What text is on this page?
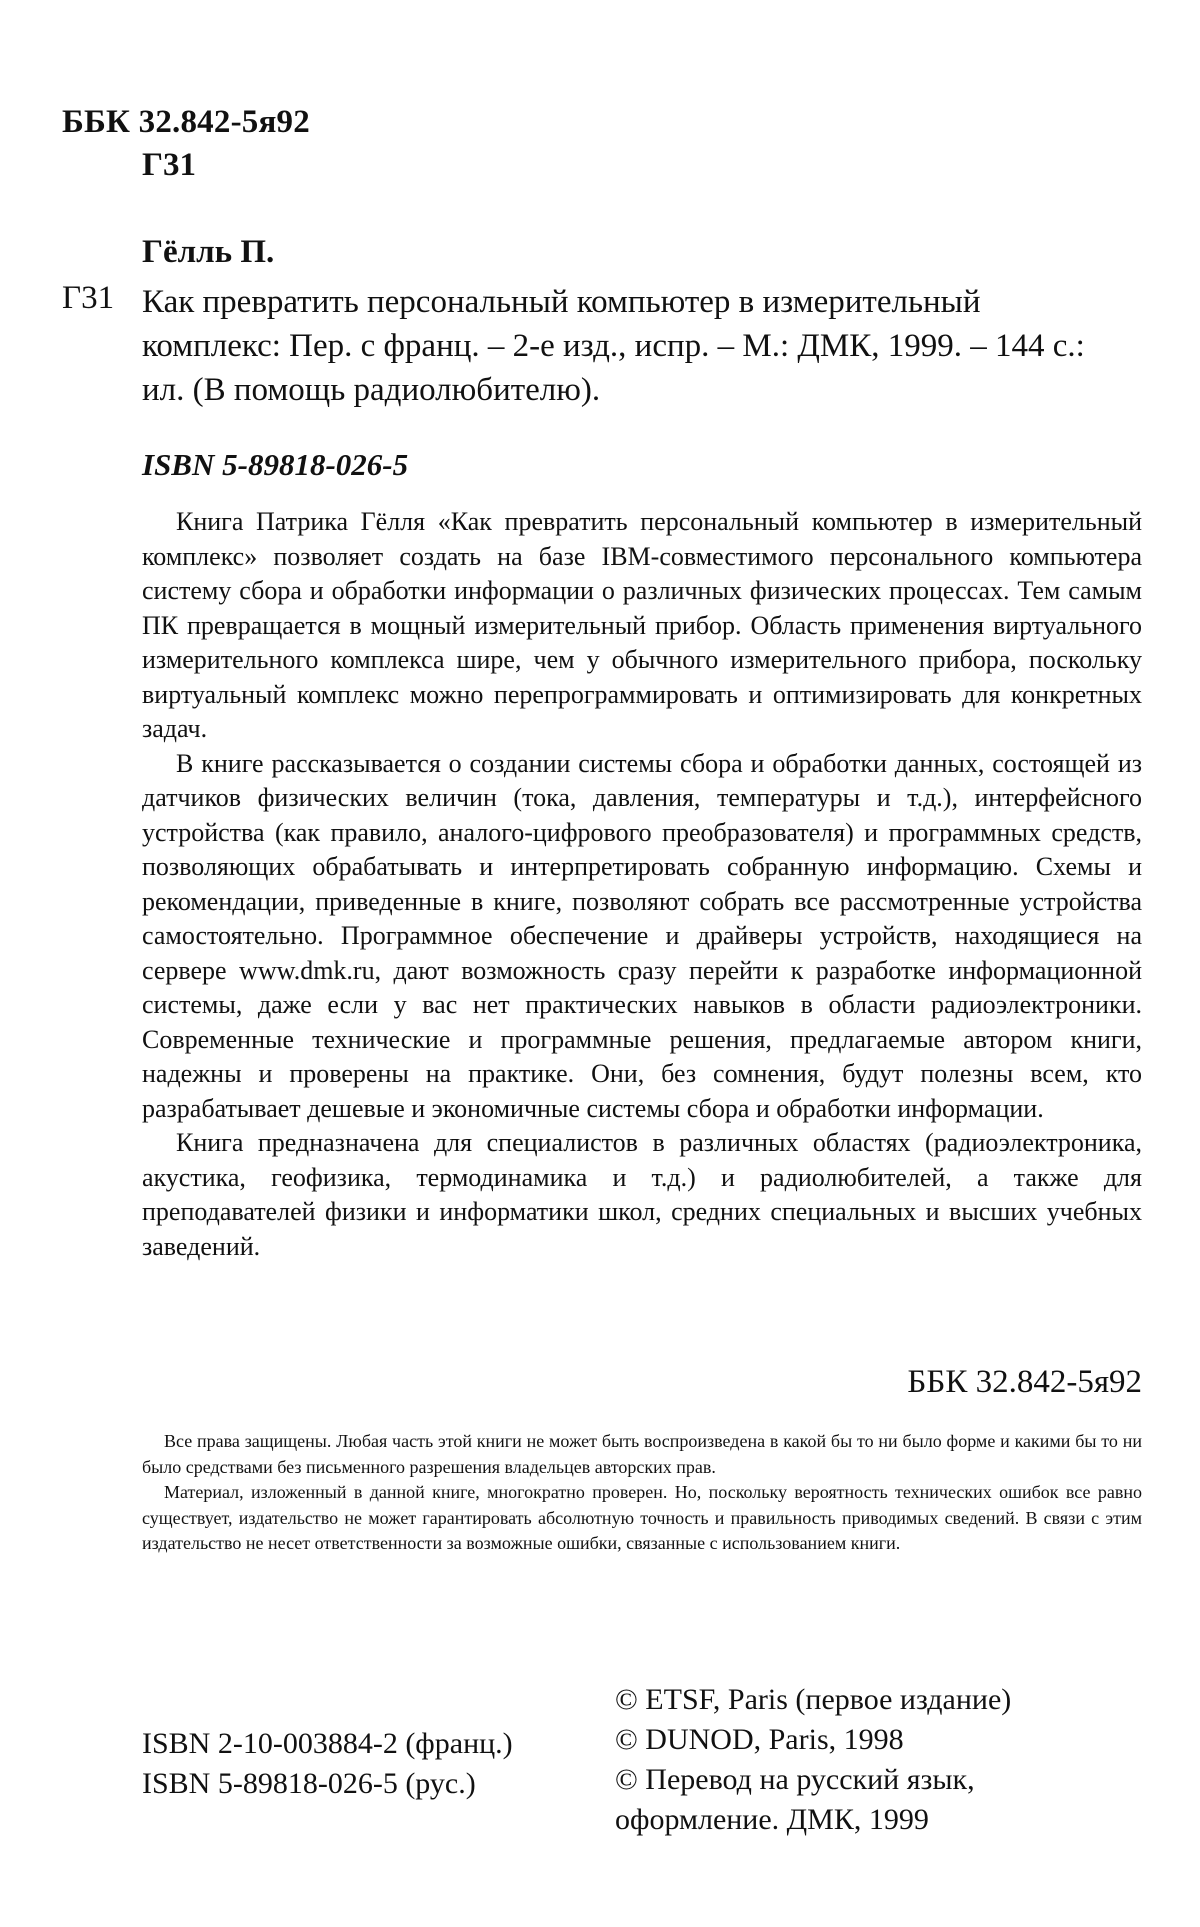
ББК 32.842-5я92
Г31
Гёлль П.
Г31 Как превратить персональный компьютер в измерительный комплекс: Пер. с франц. – 2-е изд., испр. – М.: ДМК, 1999. – 144 с.: ил. (В помощь радиолюбителю).

ISBN 5-89818-026-5

Книга Патрика Гёлля «Как превратить персональный компьютер в измерительный комплекс» позволяет создать на базе IBM-совместимого персонального компьютера систему сбора и обработки информации о различных физических процессах. Тем самым ПК превращается в мощный измерительный прибор. Область применения виртуального измерительного комплекса шире, чем у обычного измерительного прибора, поскольку виртуальный комплекс можно перепрограммировать и оптимизировать для конкретных задач.

В книге рассказывается о создании системы сбора и обработки данных, состоящей из датчиков физических величин (тока, давления, температуры и т.д.), интерфейсного устройства (как правило, аналого-цифрового преобразователя) и программных средств, позволяющих обрабатывать и интерпретировать собранную информацию. Схемы и рекомендации, приведенные в книге, позволяют собрать все рассмотренные устройства самостоятельно. Программное обеспечение и драйверы устройств, находящиеся на сервере www.dmk.ru, дают возможность сразу перейти к разработке информационной системы, даже если у вас нет практических навыков в области радиоэлектроники. Современные технические и программные решения, предлагаемые автором книги, надежны и проверены на практике. Они, без сомнения, будут полезны всем, кто разрабатывает дешевые и экономичные системы сбора и обработки информации.

Книга предназначена для специалистов в различных областях (радиоэлектроника, акустика, геофизика, термодинамика и т.д.) и радиолюбителей, а также для преподавателей физики и информатики школ, средних специальных и высших учебных заведений.

ББК 32.842-5я92

Все права защищены. Любая часть этой книги не может быть воспроизведена в какой бы то ни было форме и какими бы то ни было средствами без письменного разрешения владельцев авторских прав.

Материал, изложенный в данной книге, многократно проверен. Но, поскольку вероятность технических ошибок все равно существует, издательство не может гарантировать абсолютную точность и правильность приводимых сведений. В связи с этим издательство не несет ответственности за возможные ошибки, связанные с использованием книги.

ISBN 2-10-003884-2 (франц.)
ISBN 5-89818-026-5 (рус.)
© ETSF, Paris (первое издание)
© DUNOD, Paris, 1998
© Перевод на русский язык,
оформление. ДМК, 1999
